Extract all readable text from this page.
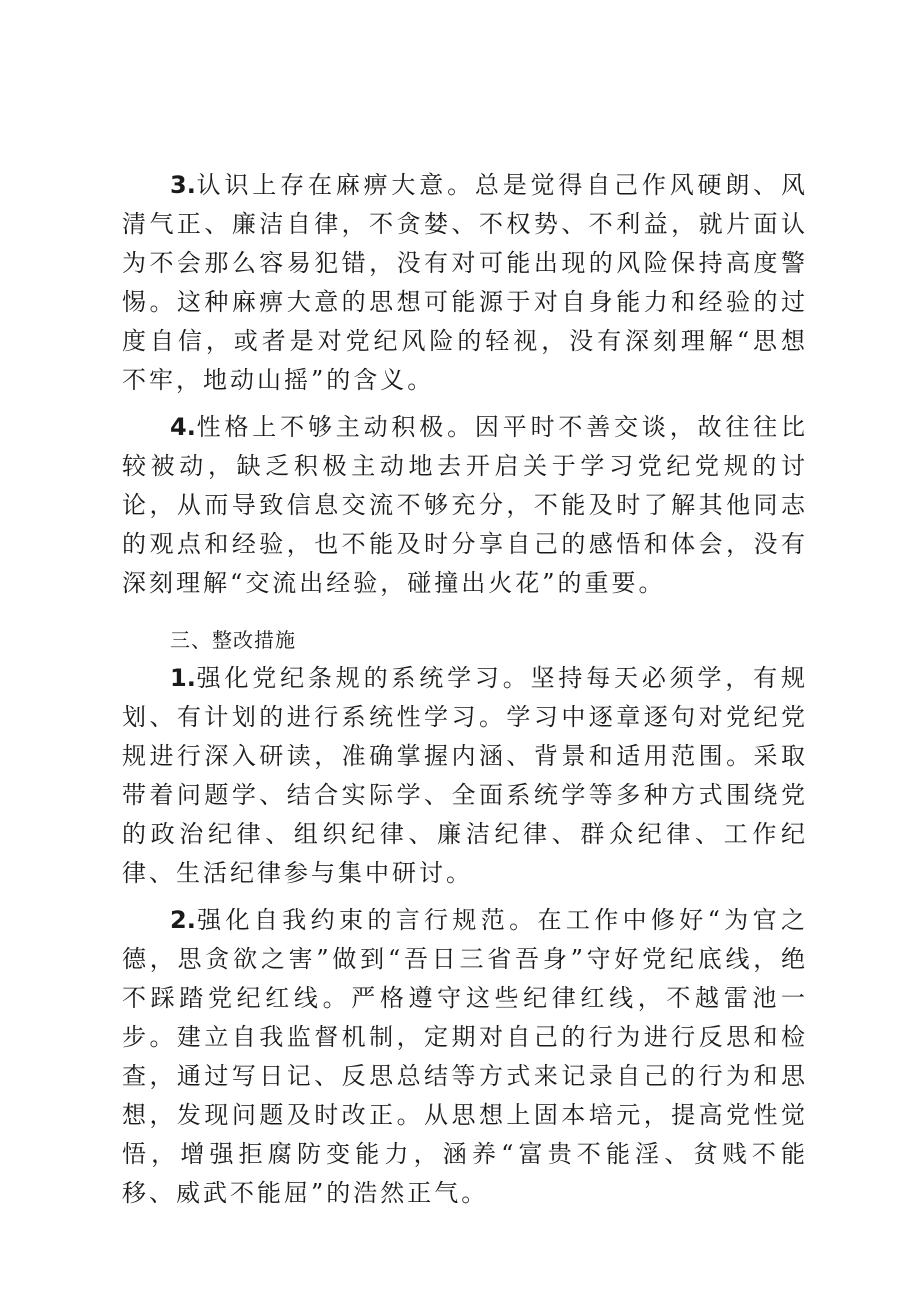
3.认识上存在麻痹大意。总是觉得自己作风硬朗、风清气正、廉洁自律，不贪婪、不权势、不利益，就片面认为不会那么容易犯错，没有对可能出现的风险保持高度警惕。这种麻痹大意的思想可能源于对自身能力和经验的过度自信，或者是对党纪风险的轻视，没有深刻理解“思想不牢，地动山摇”的含义。

4.性格上不够主动积极。因平时不善交谈，故往往比较被动，缺乏积极主动地去开启关于学习党纪党规的讨论，从而导致信息交流不够充分，不能及时了解其他同志的观点和经验，也不能及时分享自己的感悟和体会，没有深刻理解“交流出经验，碰撞出火花”的重要。

三、整改措施

1.强化党纪条规的系统学习。坚持每天必须学，有规划、有计划的进行系统性学习。学习中逐章逐句对党纪党规进行深入研读，准确掌握内涵、背景和适用范围。采取带着问题学、结合实际学、全面系统学等多种方式围绕党的政治纪律、组织纪律、廉洁纪律、群众纪律、工作纪律、生活纪律参与集中研讨。

2.强化自我约束的言行规范。在工作中修好“为官之德，思贪欲之害”做到“吾日三省吾身”守好党纪底线，绝不踩踏党纪红线。严格遵守这些纪律红线，不越雷池一步。建立自我监督机制，定期对自己的行为进行反思和检查，通过写日记、反思总结等方式来记录自己的行为和思想，发现问题及时改正。从思想上固本培元，提高党性觉悟，增强拒腐防变能力，涵养“富贵不能淫、贫贱不能移、威武不能屈”的浩然正气。
